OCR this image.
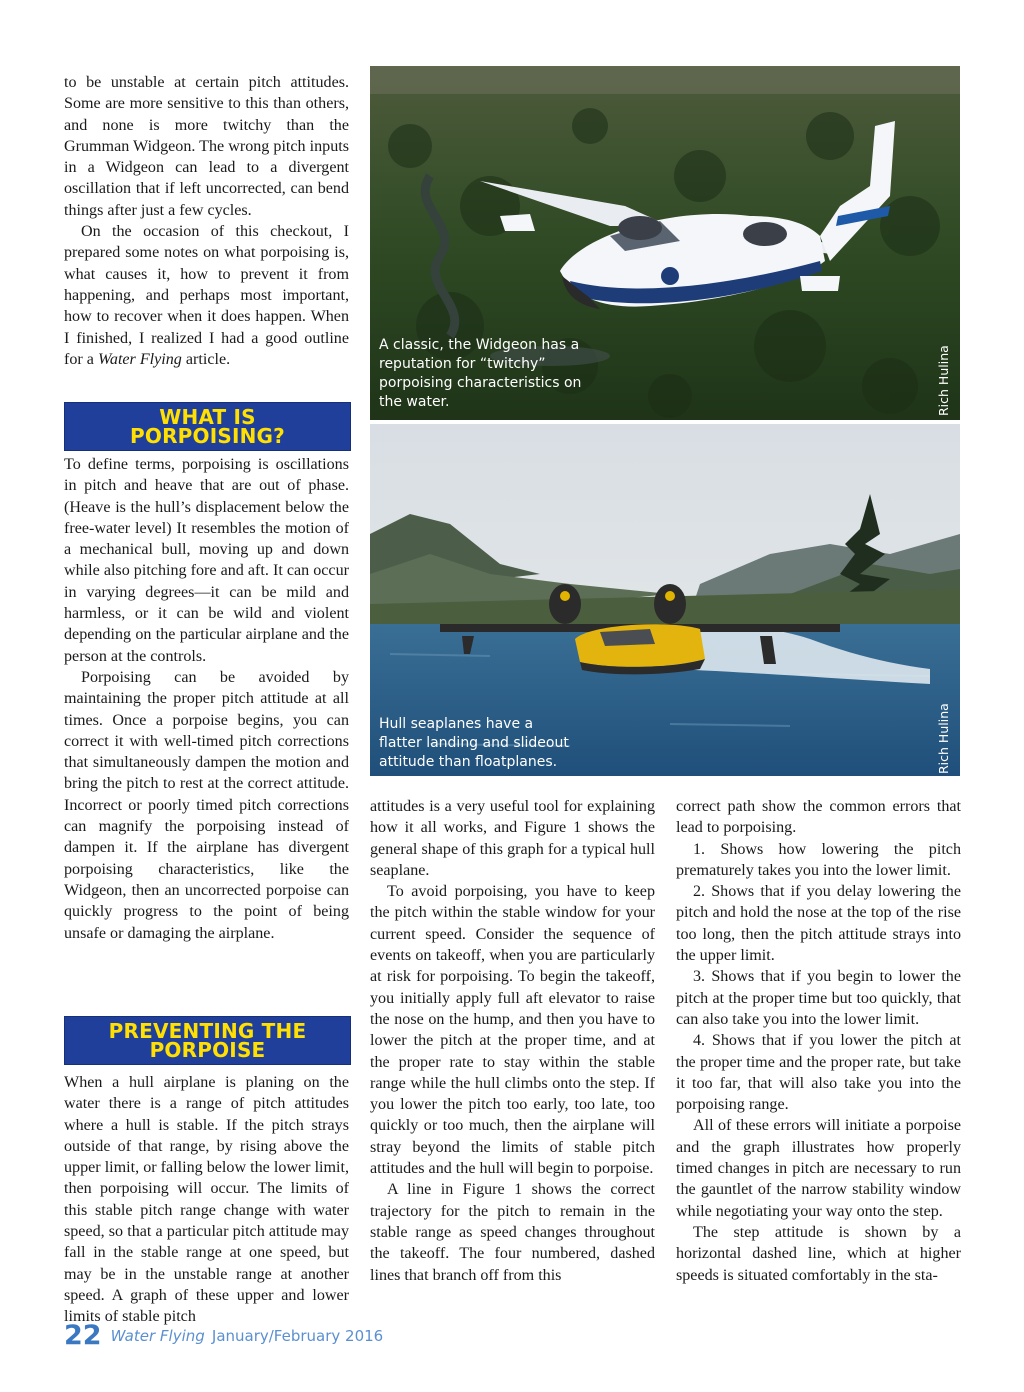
to be unstable at certain pitch attitudes. Some are more sensitive to this than others, and none is more twitchy than the Grumman Widgeon. The wrong pitch inputs in a Widgeon can lead to a divergent oscillation that if left uncorrected, can bend things after just a few cycles.

On the occasion of this checkout, I prepared some notes on what porpoising is, what causes it, how to prevent it from happening, and perhaps most important, how to recover when it does happen. When I finished, I realized I had a good outline for a Water Flying article.

WHAT IS
PORPOISING?

To define terms, porpoising is oscillations in pitch and heave that are out of phase. (Heave is the hull’s displacement below the free-water level) It resembles the motion of a mechanical bull, moving up and down while also pitching fore and aft. It can occur in varying degrees—it can be mild and harmless, or it can be wild and violent depending on the particular airplane and the person at the controls.

Porpoising can be avoided by maintaining the proper pitch attitude at all times. Once a porpoise begins, you can correct it with well-timed pitch corrections that simultaneously dampen the motion and bring the pitch to rest at the correct attitude. Incorrect or poorly timed pitch corrections can magnify the porpoising instead of dampen it. If the airplane has divergent porpoising characteristics, like the Widgeon, then an uncorrected porpoise can quickly progress to the point of being unsafe or damaging the airplane.

PREVENTING THE
PORPOISE

When a hull airplane is planing on the water there is a range of pitch attitudes where a hull is stable. If the pitch strays outside of that range, by rising above the upper limit, or falling below the lower limit, then porpoising will occur. The limits of this stable pitch range change with water speed, so that a particular pitch attitude may fall in the stable range at one speed, but may be in the unstable range at another speed. A graph of these upper and lower limits of stable pitch

A classic, the Widgeon has a reputation for “twitchy” porpoising characteristics on the water.	Rich Hulina
Hull seaplanes have a flatter landing and slideout attitude than floatplanes.	Rich Hulina

attitudes is a very useful tool for explaining how it all works, and Figure 1 shows the general shape of this graph for a typical hull seaplane.

To avoid porpoising, you have to keep the pitch within the stable window for your current speed. Consider the sequence of events on takeoff, when you are particularly at risk for porpoising. To begin the takeoff, you initially apply full aft elevator to raise the nose on the hump, and then you have to lower the pitch at the proper time, and at the proper rate to stay within the stable range while the hull climbs onto the step. If you lower the pitch too early, too late, too quickly or too much, then the airplane will stray beyond the limits of stable pitch attitudes and the hull will begin to porpoise.

A line in Figure 1 shows the correct trajectory for the pitch to remain in the stable range as speed changes throughout the takeoff. The four numbered, dashed lines that branch off from this

correct path show the common errors that lead to porpoising.

1. Shows how lowering the pitch prematurely takes you into the lower limit.

2. Shows that if you delay lowering the pitch and hold the nose at the top of the rise too long, then the pitch attitude strays into the upper limit.

3. Shows that if you begin to lower the pitch at the proper time but too quickly, that can also take you into the lower limit.

4. Shows that if you lower the pitch at the proper time and the proper rate, but take it too far, that will also take you into the porpoising range.

All of these errors will initiate a porpoise and the graph illustrates how properly timed changes in pitch are necessary to run the gauntlet of the narrow stability window while negotiating your way onto the step.

The step attitude is shown by a horizontal dashed line, which at higher speeds is situated comfortably in the sta-

22 Water Flying January/February 2016
